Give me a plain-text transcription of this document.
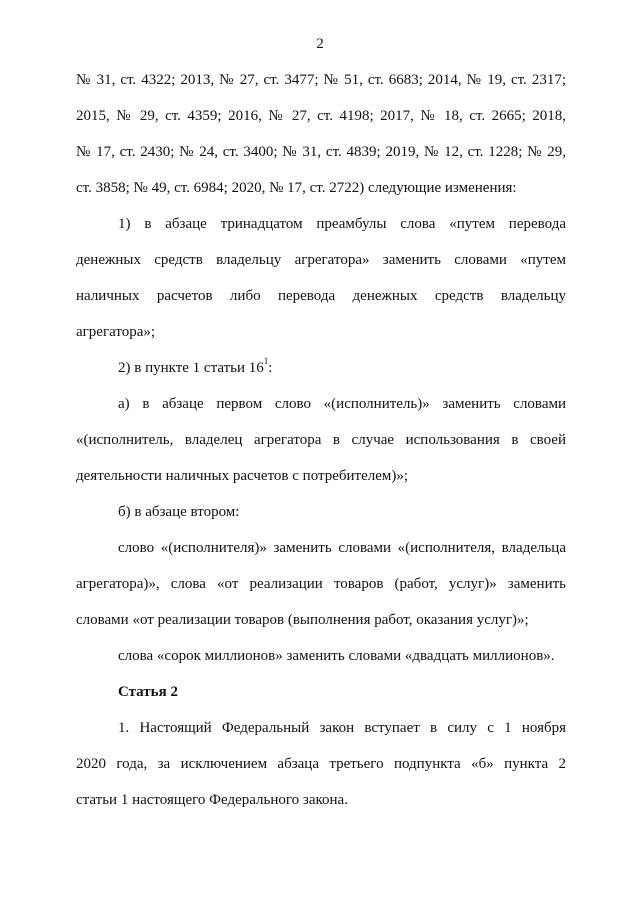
2
№ 31, ст. 4322; 2013, № 27, ст. 3477; № 51, ст. 6683; 2014, № 19, ст. 2317;
2015, № 29, ст. 4359; 2016, № 27, ст. 4198; 2017, № 18, ст. 2665; 2018,
№ 17, ст. 2430; № 24, ст. 3400; № 31, ст. 4839; 2019, № 12, ст. 1228; № 29,
ст. 3858; № 49, ст. 6984; 2020, № 17, ст. 2722) следующие изменения:
1) в абзаце тринадцатом преамбулы слова «путем перевода
денежных средств владельцу агрегатора» заменить словами «путем
наличных расчетов либо перевода денежных средств владельцу
агрегатора»;
2) в пункте 1 статьи $16^1$:
а) в абзаце первом слово «(исполнитель)» заменить словами
«(исполнитель, владелец агрегатора в случае использования в своей
деятельности наличных расчетов с потребителем)»;
б) в абзаце втором:
слово «(исполнителя)» заменить словами «(исполнителя, владельца
агрегатора)», слова «от реализации товаров (работ, услуг)» заменить
словами «от реализации товаров (выполнения работ, оказания услуг)»;
слова «сорок миллионов» заменить словами «двадцать миллионов».
Статья 2
1. Настоящий Федеральный закон вступает в силу с 1 ноября
2020 года, за исключением абзаца третьего подпункта «б» пункта 2
статьи 1 настоящего Федерального закона.
